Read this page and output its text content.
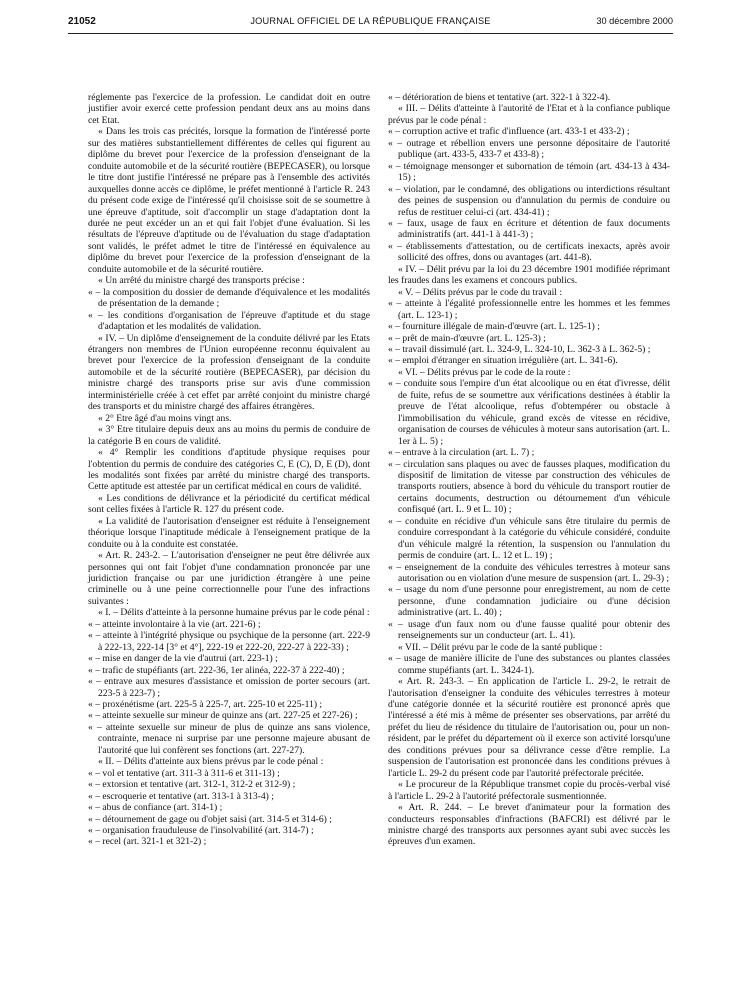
21052	JOURNAL OFFICIEL DE LA RÉPUBLIQUE FRANÇAISE	30 décembre 2000

réglemente pas l'exercice de la profession. Le candidat doit en outre justifier avoir exercé cette profession pendant deux ans au moins dans cet Etat.

« Dans les trois cas précités, lorsque la formation de l'intéressé porte sur des matières substantiellement différentes de celles qui figurent au diplôme du brevet pour l'exercice de la profession d'enseignant de la conduite automobile et de la sécurité routière (BEPECASER), ou lorsque le titre dont justifie l'intéressé ne prépare pas à l'ensemble des activités auxquelles donne accès ce diplôme, le préfet mentionné à l'article R. 243 du présent code exige de l'intéressé qu'il choisisse soit de se soumettre à une épreuve d'aptitude, soit d'accomplir un stage d'adaptation dont la durée ne peut excéder un an et qui fait l'objet d'une évaluation. Si les résultats de l'épreuve d'aptitude ou de l'évaluation du stage d'adaptation sont validés, le préfet admet le titre de l'intéressé en équivalence au diplôme du brevet pour l'exercice de la profession d'enseignant de la conduite automobile et de la sécurité routière.

« Un arrêté du ministre chargé des transports précise :

« – la composition du dossier de demande d'équivalence et les modalités de présentation de la demande ;

« – les conditions d'organisation de l'épreuve d'aptitude et du stage d'adaptation et les modalités de validation.

« IV. – Un diplôme d'enseignement de la conduite délivré par les Etats étrangers non membres de l'Union européenne reconnu équivalent au brevet pour l'exercice de la profession d'enseignant de la conduite automobile et de la sécurité routière (BEPECASER), par décision du ministre chargé des transports prise sur avis d'une commission interministérielle créée à cet effet par arrêté conjoint du ministre chargé des transports et du ministre chargé des affaires étrangères.

« 2° Etre âgé d'au moins vingt ans.

« 3° Etre titulaire depuis deux ans au moins du permis de conduire de la catégorie B en cours de validité.

« 4° Remplir les conditions d'aptitude physique requises pour l'obtention du permis de conduire des catégories C, E (C), D, E (D), dont les modalités sont fixées par arrêté du ministre chargé des transports. Cette aptitude est attestée par un certificat médical en cours de validité.

« Les conditions de délivrance et la périodicité du certificat médical sont celles fixées à l'article R. 127 du présent code.

« La validité de l'autorisation d'enseigner est réduite à l'enseignement théorique lorsque l'inaptitude médicale à l'enseignement pratique de la conduite ou à la conduite est constatée.

« Art. R. 243-2. – L'autorisation d'enseigner ne peut être délivrée aux personnes qui ont fait l'objet d'une condamnation prononcée par une juridiction française ou par une juridiction étrangère à une peine criminelle ou à une peine correctionnelle pour l'une des infractions suivantes :

« I. – Délits d'atteinte à la personne humaine prévus par le code pénal :

« – atteinte involontaire à la vie (art. 221-6) ;

« – atteinte à l'intégrité physique ou psychique de la personne (art. 222-9 à 222-13, 222-14 [3° et 4°], 222-19 et 222-20, 222-27 à 222-33) ;

« – mise en danger de la vie d'autrui (art. 223-1) ;

« – trafic de stupéfiants (art. 222-36, 1er alinéa, 222-37 à 222-40) ;

« – entrave aux mesures d'assistance et omission de porter secours (art. 223-5 à 223-7) ;

« – proxénétisme (art. 225-5 à 225-7, art. 225-10 et 225-11) ;

« – atteinte sexuelle sur mineur de quinze ans (art. 227-25 et 227-26) ;

« – atteinte sexuelle sur mineur de plus de quinze ans sans violence, contrainte, menace ni surprise par une personne majeure abusant de l'autorité que lui confèrent ses fonctions (art. 227-27).

« II. – Délits d'atteinte aux biens prévus par le code pénal :

« – vol et tentative (art. 311-3 à 311-6 et 311-13) ;

« – extorsion et tentative (art. 312-1, 312-2 et 312-9) ;

« – escroquerie et tentative (art. 313-1 à 313-4) ;

« – abus de confiance (art. 314-1) ;

« – détournement de gage ou d'objet saisi (art. 314-5 et 314-6) ;

« – organisation frauduleuse de l'insolvabilité (art. 314-7) ;

« – recel (art. 321-1 et 321-2) ;

« – détérioration de biens et tentative (art. 322-1 à 322-4).

« III. – Délits d'atteinte à l'autorité de l'Etat et à la confiance publique prévus par le code pénal :

« – corruption active et trafic d'influence (art. 433-1 et 433-2) ;

« – outrage et rébellion envers une personne dépositaire de l'autorité publique (art. 433-5, 433-7 et 433-8) ;

« – témoignage mensonger et subornation de témoin (art. 434-13 à 434-15) ;

« – violation, par le condamné, des obligations ou interdictions résultant des peines de suspension ou d'annulation du permis de conduire ou refus de restituer celui-ci (art. 434-41) ;

« – faux, usage de faux en écriture et détention de faux documents administratifs (art. 441-1 à 441-3) ;

« – établissements d'attestation, ou de certificats inexacts, après avoir sollicité des offres, dons ou avantages (art. 441-8).

« IV. – Délit prévu par la loi du 23 décembre 1901 modifiée réprimant les fraudes dans les examens et concours publics.

« V. – Délits prévus par le code du travail :

« – atteinte à l'égalité professionnelle entre les hommes et les femmes (art. L. 123-1) ;

« – fourniture illégale de main-d'œuvre (art. L. 125-1) ;

« – prêt de main-d'œuvre (art. L. 125-3) ;

« – travail dissimulé (art. L. 324-9, L. 324-10, L. 362-3 à L. 362-5) ;

« – emploi d'étranger en situation irrégulière (art. L. 341-6).

« VI. – Délits prévus par le code de la route :

« – conduite sous l'empire d'un état alcoolique ou en état d'ivresse, délit de fuite, refus de se soumettre aux vérifications destinées à établir la preuve de l'état alcoolique, refus d'obtempérer ou obstacle à l'immobilisation du véhicule, grand excès de vitesse en récidive, organisation de courses de véhicules à moteur sans autorisation (art. L. 1er à L. 5) ;

« – entrave à la circulation (art. L. 7) ;

« – circulation sans plaques ou avec de fausses plaques, modification du dispositif de limitation de vitesse par construction des véhicules de transports routiers, absence à bord du véhicule du transport routier de certains documents, destruction ou détournement d'un véhicule confisqué (art. L. 9 et L. 10) ;

« – conduite en récidive d'un véhicule sans être titulaire du permis de conduire correspondant à la catégorie du véhicule considéré, conduite d'un véhicule malgré la rétention, la suspension ou l'annulation du permis de conduire (art. L. 12 et L. 19) ;

« – enseignement de la conduite des véhicules terrestres à moteur sans autorisation ou en violation d'une mesure de suspension (art. L. 29-3) ;

« – usage du nom d'une personne pour enregistrement, au nom de cette personne, d'une condamnation judiciaire ou d'une décision administrative (art. L. 40) ;

« – usage d'un faux nom ou d'une fausse qualité pour obtenir des renseignements sur un conducteur (art. L. 41).

« VII. – Délit prévu par le code de la santé publique :

« – usage de manière illicite de l'une des substances ou plantes classées comme stupéfiants (art. L. 3424-1).

« Art. R. 243-3. – En application de l'article L. 29-2, le retrait de l'autorisation d'enseigner la conduite des véhicules terrestres à moteur d'une catégorie donnée et la sécurité routière est prononcé après que l'intéressé a été mis à même de présenter ses observations, par arrêté du préfet du lieu de résidence du titulaire de l'autorisation ou, pour un non-résident, par le préfet du département où il exerce son activité lorsqu'une des conditions prévues pour sa délivrance cesse d'être remplie. La suspension de l'autorisation est prononcée dans les conditions prévues à l'article L. 29-2 du présent code par l'autorité préfectorale précitée.

« Le procureur de la République transmet copie du procès-verbal visé à l'article L. 29-2 à l'autorité préfectorale susmentionnée.

« Art. R. 244. – Le brevet d'animateur pour la formation des conducteurs responsables d'infractions (BAFCRI) est délivré par le ministre chargé des transports aux personnes ayant subi avec succès les épreuves d'un examen.
